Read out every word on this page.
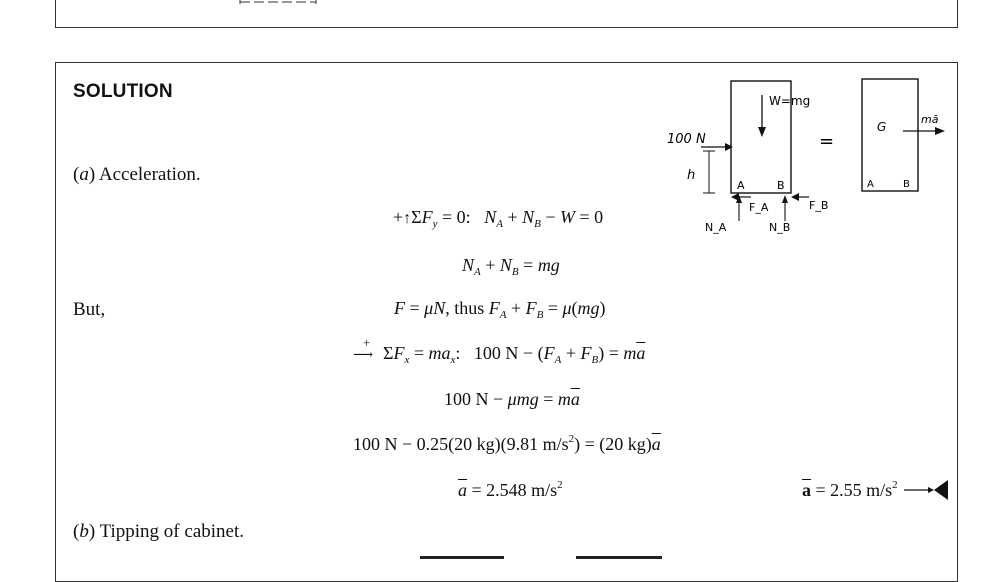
SOLUTION
(a) Acceleration.
$+↑\Sigma F_y = 0$:   $N_A + N_B - W = 0$
$N_A + N_B$ = mg
But,	F = μN, thus $F_A + F_B = \mu(mg)$
+
⟶ $\Sigma F_x = ma_x$:   100 $N - (F_A + F_B) = m\overline{a}$
100 $N - \mu mg = m\overline{a}$
100 N − 0.25(20 kg)(9.81 $m/s^2) = (20$ $kg)\overline{a}$
$\overline{a} = 2.548$ $m/s^2$	$\overline{a} = 2.55$ $m/s^2$
(b) Tipping of cabinet.
W=mg
100 N
h
A	B
F_A	F_B
N_A	N_B
=
G
mā
A	B
